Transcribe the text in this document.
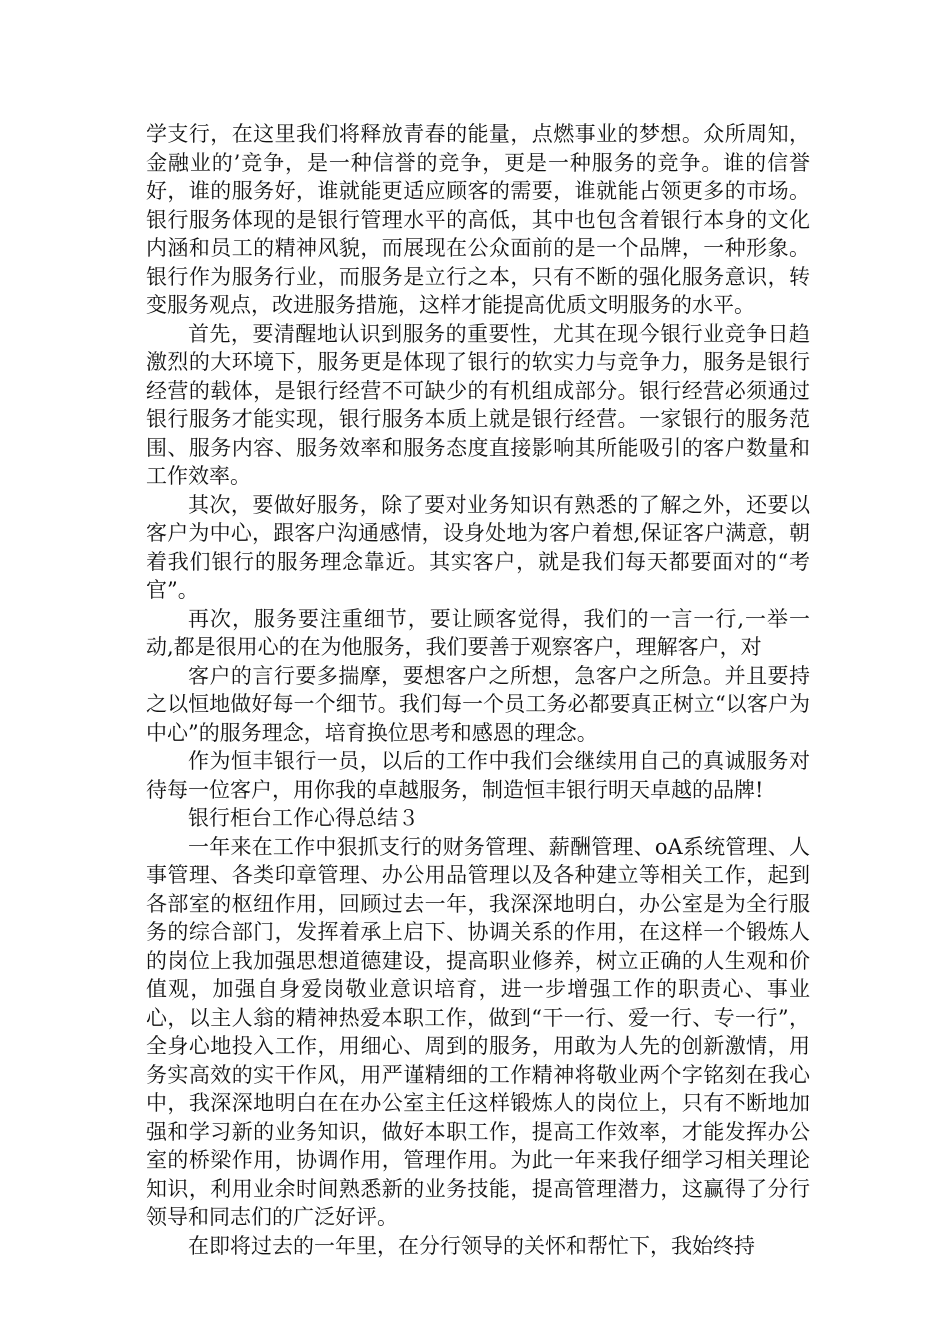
学支行，在这里我们将释放青春的能量，点燃事业的梦想。众所周知，金融业的’竞争，是一种信誉的竞争，更是一种服务的竞争。谁的信誉好，谁的服务好，谁就能更适应顾客的需要，谁就能占领更多的市场。银行服务体现的是银行管理水平的高低，其中也包含着银行本身的文化内涵和员工的精神风貌，而展现在公众面前的是一个品牌，一种形象。银行作为服务行业，而服务是立行之本，只有不断的强化服务意识，转变服务观点，改进服务措施，这样才能提高优质文明服务的水平。

首先，要清醒地认识到服务的重要性，尤其在现今银行业竞争日趋激烈的大环境下，服务更是体现了银行的软实力与竞争力，服务是银行经营的载体，是银行经营不可缺少的有机组成部分。银行经营必须通过银行服务才能实现，银行服务本质上就是银行经营。一家银行的服务范围、服务内容、服务效率和服务态度直接影响其所能吸引的客户数量和工作效率。

其次，要做好服务，除了要对业务知识有熟悉的了解之外，还要以客户为中心，跟客户沟通感情，设身处地为客户着想,保证客户满意，朝着我们银行的服务理念靠近。其实客户，就是我们每天都要面对的“考官”。

再次，服务要注重细节，要让顾客觉得，我们的一言一行,一举一动,都是很用心的在为他服务，我们要善于观察客户，理解客户，对

客户的言行要多揣摩，要想客户之所想，急客户之所急。并且要持之以恒地做好每一个细节。我们每一个员工务必都要真正树立“以客户为中心”的服务理念，培育换位思考和感恩的理念。

作为恒丰银行一员，以后的工作中我们会继续用自己的真诚服务对待每一位客户，用你我的卓越服务，制造恒丰银行明天卓越的品牌!

银行柜台工作心得总结３

一年来在工作中狠抓支行的财务管理、薪酬管理、oA系统管理、人事管理、各类印章管理、办公用品管理以及各种建立等相关工作，起到各部室的枢纽作用，回顾过去一年，我深深地明白，办公室是为全行服务的综合部门，发挥着承上启下、协调关系的作用，在这样一个锻炼人的岗位上我加强思想道德建设，提高职业修养，树立正确的人生观和价值观，加强自身爱岗敬业意识培育，进一步增强工作的职责心、事业心，以主人翁的精神热爱本职工作，做到“干一行、爱一行、专一行”，全身心地投入工作，用细心、周到的服务，用敢为人先的创新激情，用务实高效的实干作风，用严谨精细的工作精神将敬业两个字铭刻在我心中，我深深地明白在在办公室主任这样锻炼人的岗位上，只有不断地加强和学习新的业务知识，做好本职工作，提高工作效率，才能发挥办公室的桥梁作用，协调作用，管理作用。为此一年来我仔细学习相关理论知识，利用业余时间熟悉新的业务技能，提高管理潜力，这赢得了分行领导和同志们的广泛好评。

在即将过去的一年里，在分行领导的关怀和帮忙下，我始终持
